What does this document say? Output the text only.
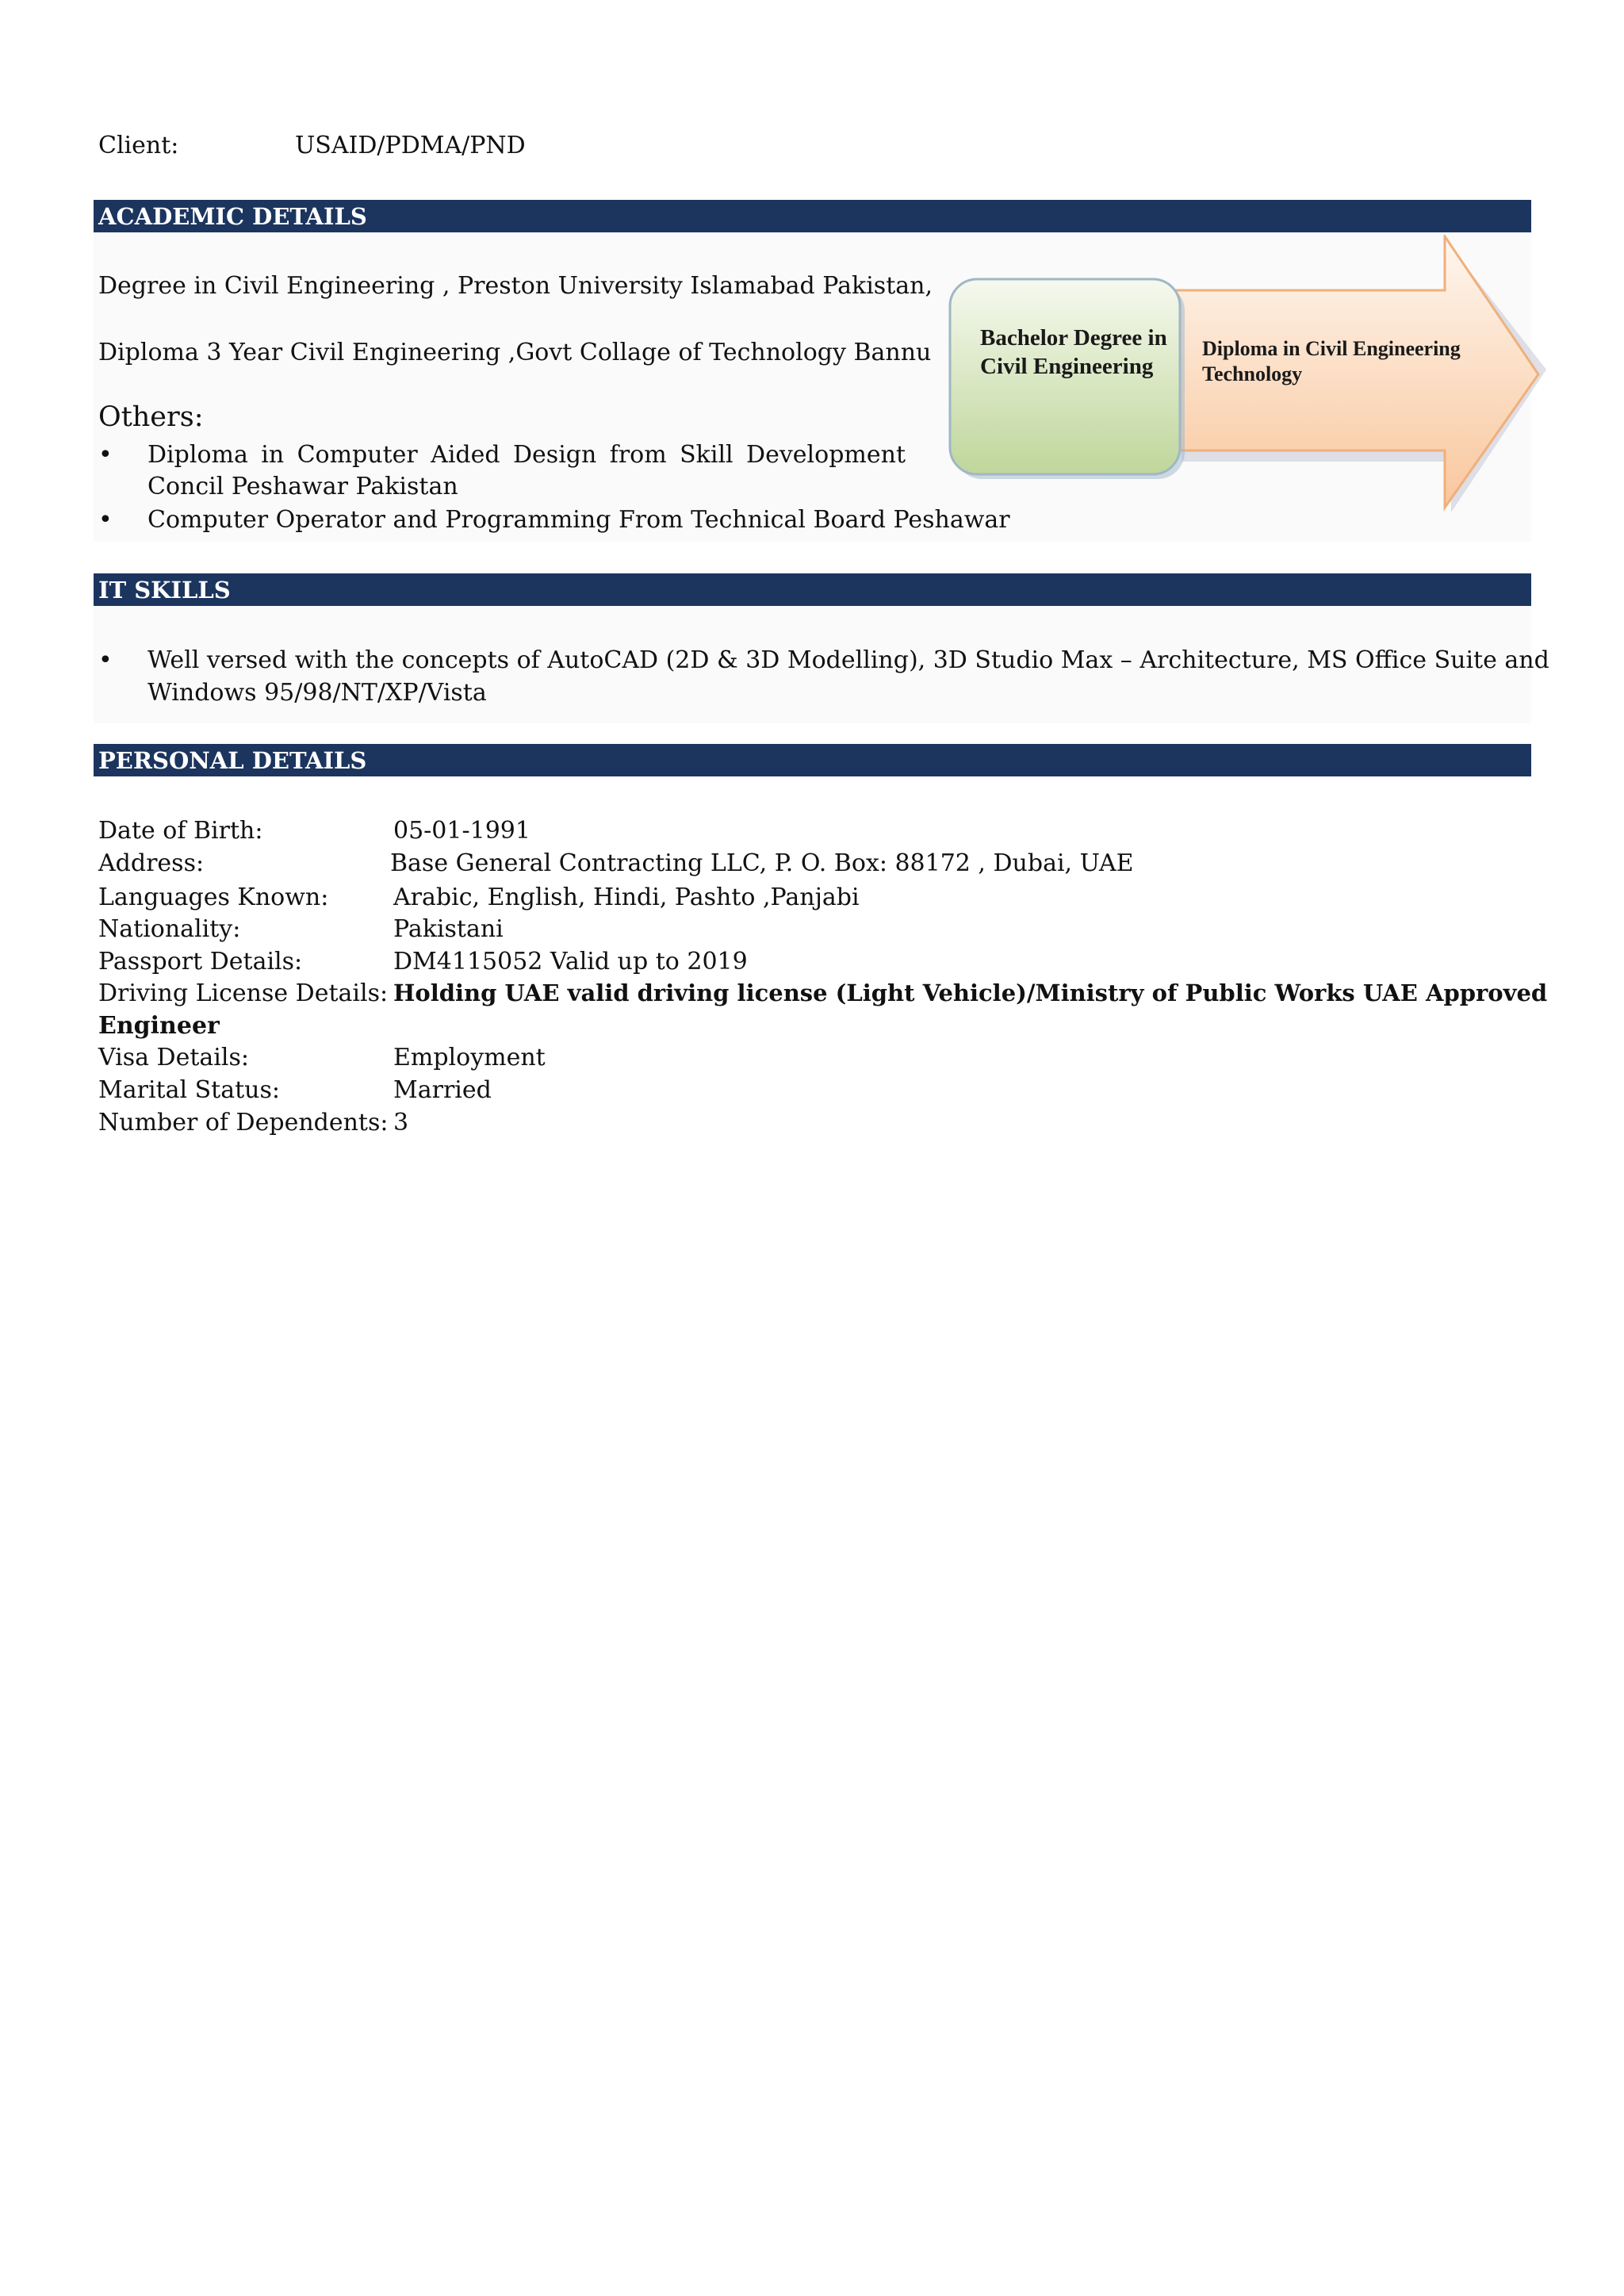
Client:	USAID/PDMA/PND
ACADEMIC DETAILS
Degree in Civil Engineering , Preston University Islamabad Pakistan,
Diploma 3 Year Civil Engineering ,Govt Collage of Technology Bannu
Others:
• Diploma in Computer Aided Design from Skill Development
Concil Peshawar Pakistan
• Computer Operator and Programming From Technical Board Peshawar
Bachelor Degree in Civil Engineering
Diploma in Civil Engineering Technology
IT SKILLS
• Well versed with the concepts of AutoCAD (2D & 3D Modelling), 3D Studio Max – Architecture, MS Office Suite and
Windows 95/98/NT/XP/Vista
PERSONAL DETAILS
Date of Birth:	05-01-1991
Address:	Base General Contracting LLC, P. O. Box: 88172 , Dubai, UAE
Languages Known:	Arabic, English, Hindi, Pashto ,Panjabi
Nationality:	Pakistani
Passport Details:	DM4115052 Valid up to 2019
Driving License Details: Holding UAE valid driving license (Light Vehicle)/Ministry of Public Works UAE Approved
Engineer
Visa Details:	Employment
Marital Status:	Married
Number of Dependents: 3
